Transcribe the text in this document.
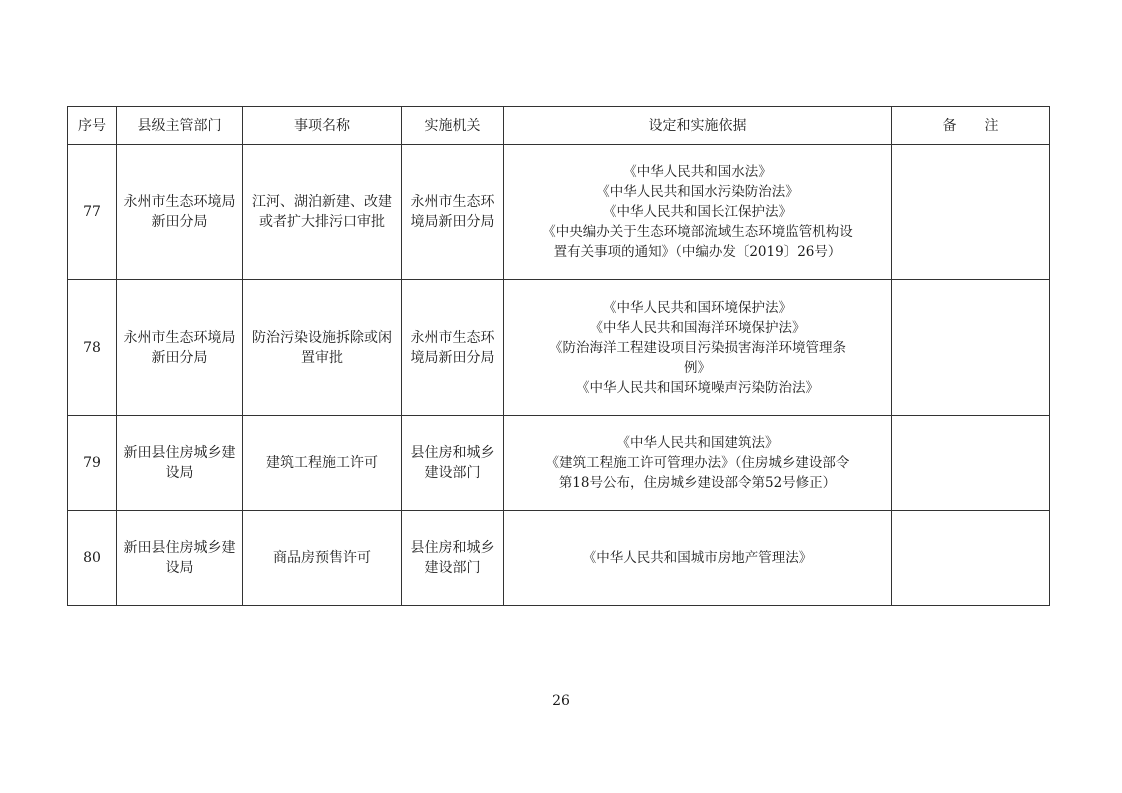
序号	县级主管部门	事项名称	实施机关	设定和实施依据	备　　注
77	永州市生态环境局新田分局	江河、湖泊新建、改建或者扩大排污口审批	永州市生态环境局新田分局	《中华人民共和国水法》
《中华人民共和国水污染防治法》
《中华人民共和国长江保护法》
《中央编办关于生态环境部流域生态环境监管机构设
置有关事项的通知》（中编办发〔2019〕26号）	

78	永州市生态环境局新田分局	防治污染设施拆除或闲置审批	永州市生态环境局新田分局	《中华人民共和国环境保护法》
《中华人民共和国海洋环境保护法》
《防治海洋工程建设项目污染损害海洋环境管理条
例》
《中华人民共和国环境噪声污染防治法》	

79	新田县住房城乡建设局	建筑工程施工许可	县住房和城乡建设部门	《中华人民共和国建筑法》
《建筑工程施工许可管理办法》（住房城乡建设部令
第18号公布，住房城乡建设部令第52号修正）	

80	新田县住房城乡建设局	商品房预售许可	县住房和城乡建设部门	《中华人民共和国城市房地产管理法》	

26
